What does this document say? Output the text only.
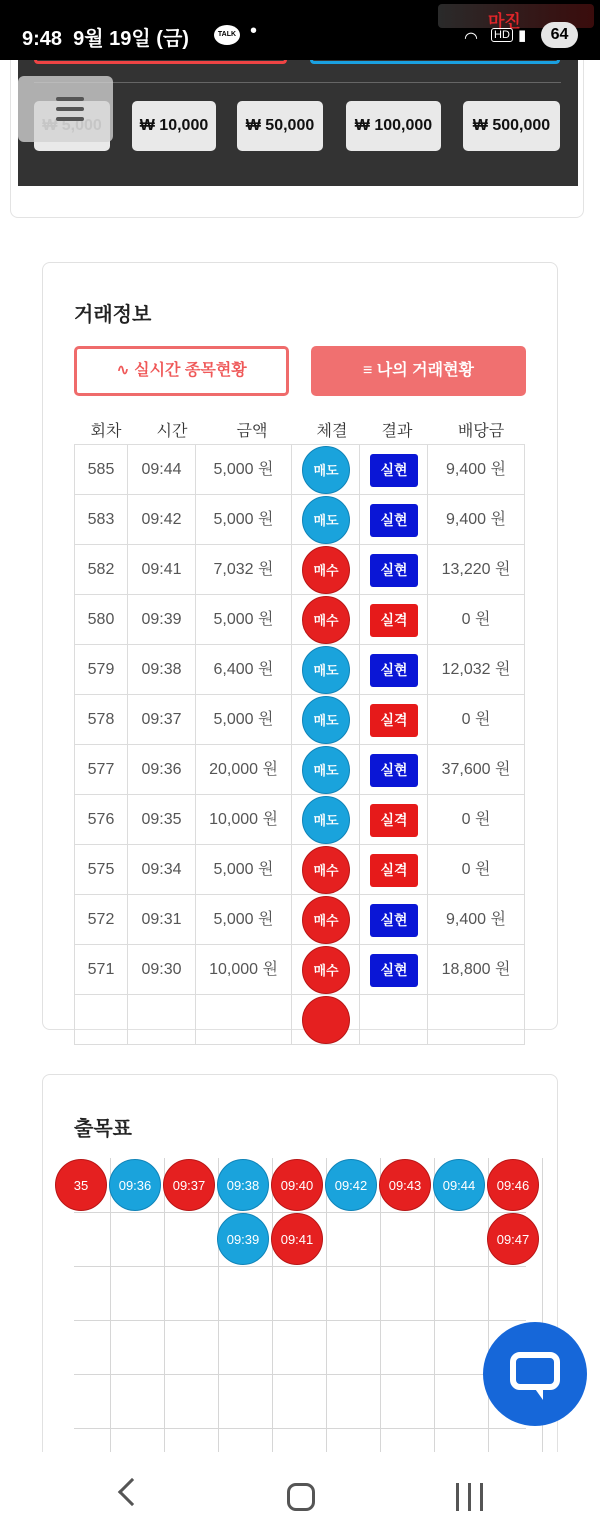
₩ 10,000	₩ 50,000	₩ 100,000	₩ 500,000
마진
9:48 9월 19일 (금)	TALK •	◠ HD ▮	64
거래정보
∿ 실시간 종목현황	≡ 나의 거래현황
회차	시간	금액	체결	결과	배당금
585	09:44	5,000 원	매도	실현	9,400 원
583	09:42	5,000 원	매도	실현	9,400 원
582	09:41	7,032 원	매수	실현	13,220 원
580	09:39	5,000 원	매수	실격	0 원
579	09:38	6,400 원	매도	실현	12,032 원
578	09:37	5,000 원	매도	실격	0 원
577	09:36	20,000 원	매도	실현	37,600 원
576	09:35	10,000 원	매도	실격	0 원
575	09:34	5,000 원	매수	실격	0 원
572	09:31	5,000 원	매수	실현	9,400 원
571	09:30	10,000 원	매수	실현	18,800 원
출목표
35	09:36	09:37	09:38
09:39
09:40
09:41
09:42	09:43	09:44	09:46
09:47
